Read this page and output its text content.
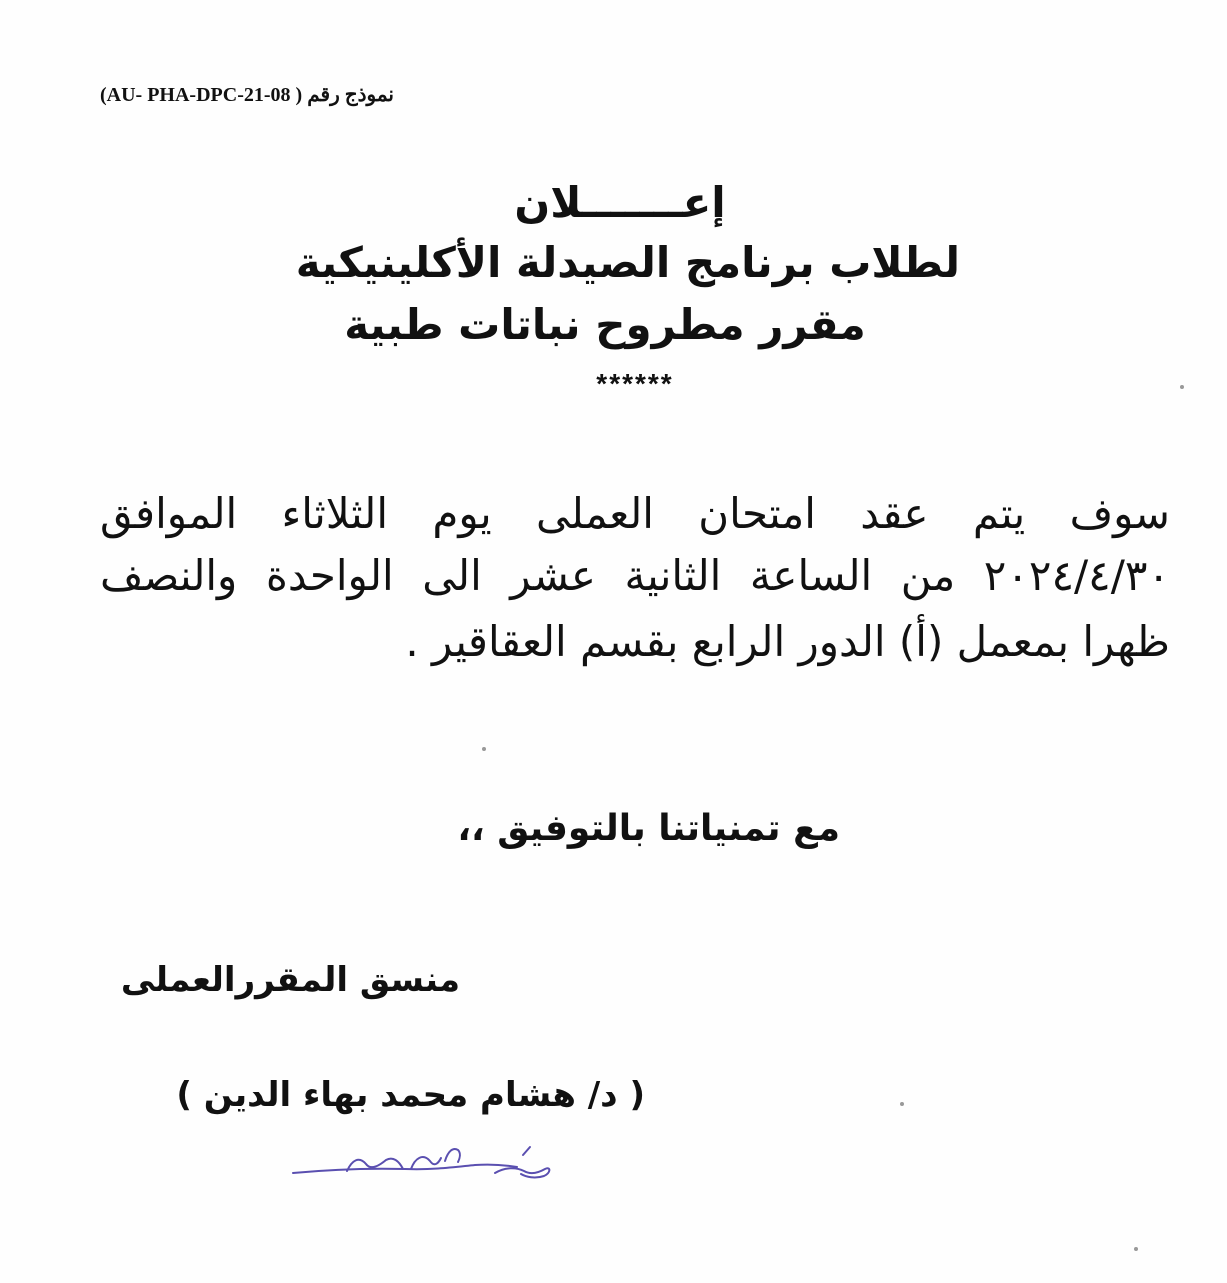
نموذج رقم ( AU- PHA-DPC-21-08)
إعـــــــلان
لطلاب برنامج الصيدلة الأكلينيكية
مقرر مطروح نباتات طبية
******
سوف يتم عقد امتحان العملى يوم الثلاثاء الموافق
٢٠٢٤/٤/٣٠ من الساعة الثانية عشر الى الواحدة والنصف
ظهرا بمعمل (أ) الدور الرابع بقسم العقاقير .
مع تمنياتنا بالتوفيق ،،
منسق المقررالعملى
( د/ هشام محمد بهاء الدين )
